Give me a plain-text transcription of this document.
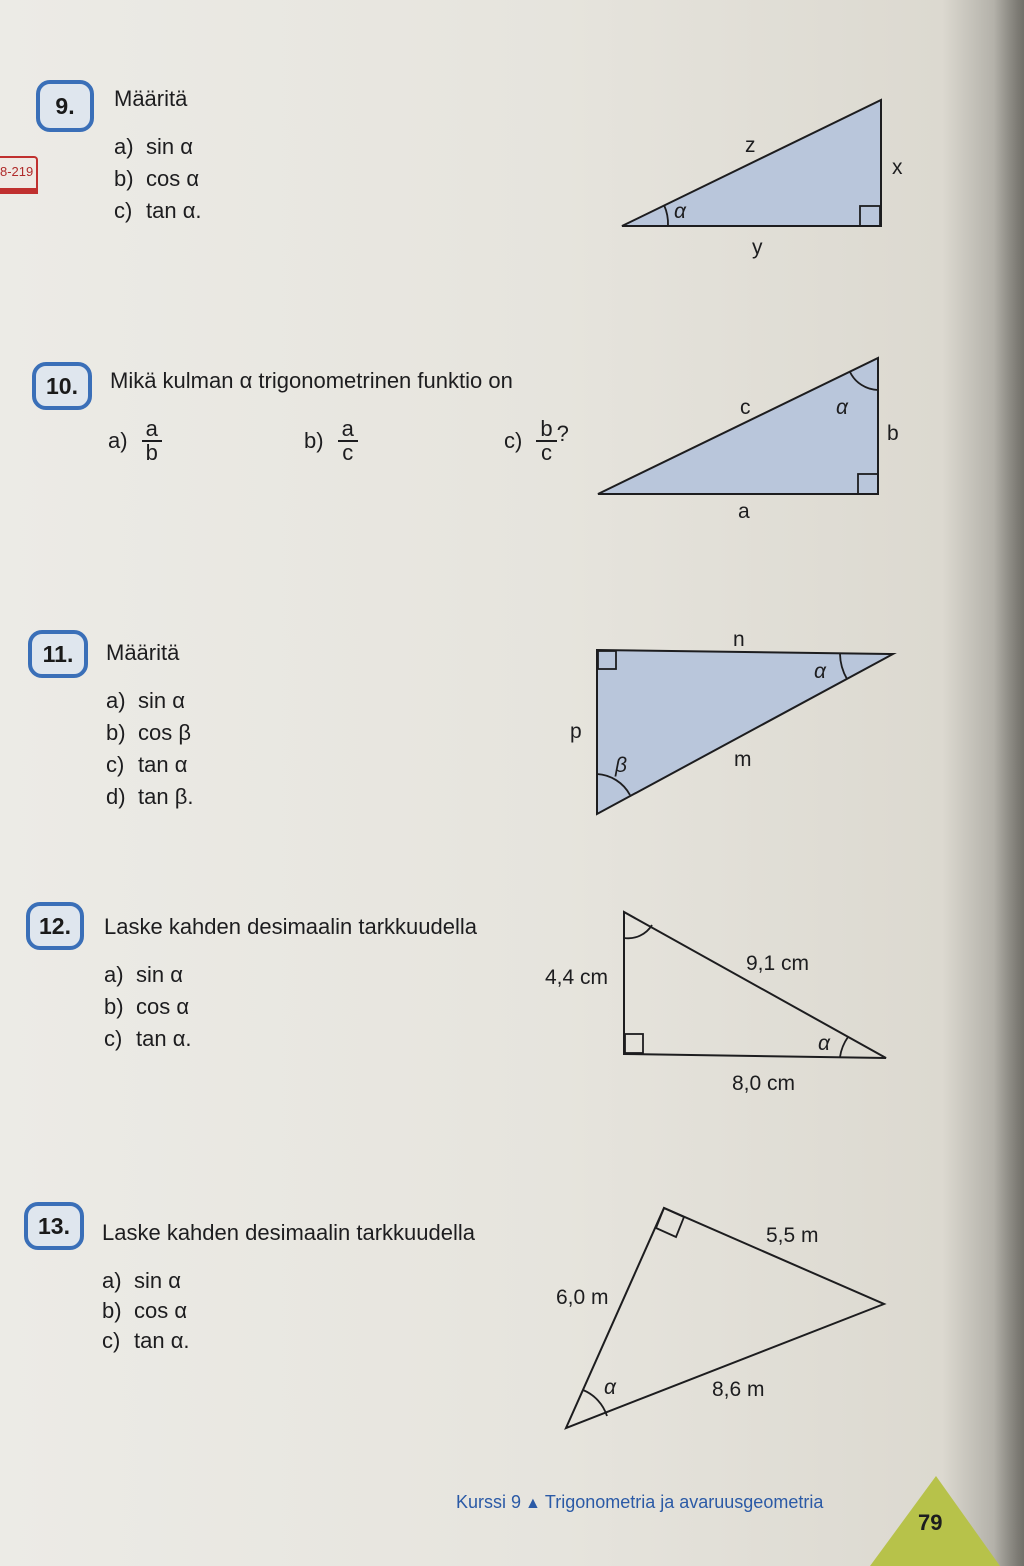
8-219
9.	Määritä
a) sin α
b) cos α
c) tan α.
10.	Mikä kulman α trigonometrinen funktio on
a) a
b	b) a
c	c) b
c
?
11.	Määritä
a) sin α
b) cos β
c) tan α
d) tan β.
12.	Laske kahden desimaalin tarkkuudella
a) sin α
b) cos α
c) tan α.
13.	Laske kahden desimaalin tarkkuudella
a) sin α
b) cos α
c) tan α.
z
x
y
α
c
b
a
α
n
p
m
α
β
9,1 cm
4,4 cm
8,0 cm
α
5,5 m
6,0 m
8,6 m
α
Kurssi 9 ▲ Trigonometria ja avaruusgeometria
79
